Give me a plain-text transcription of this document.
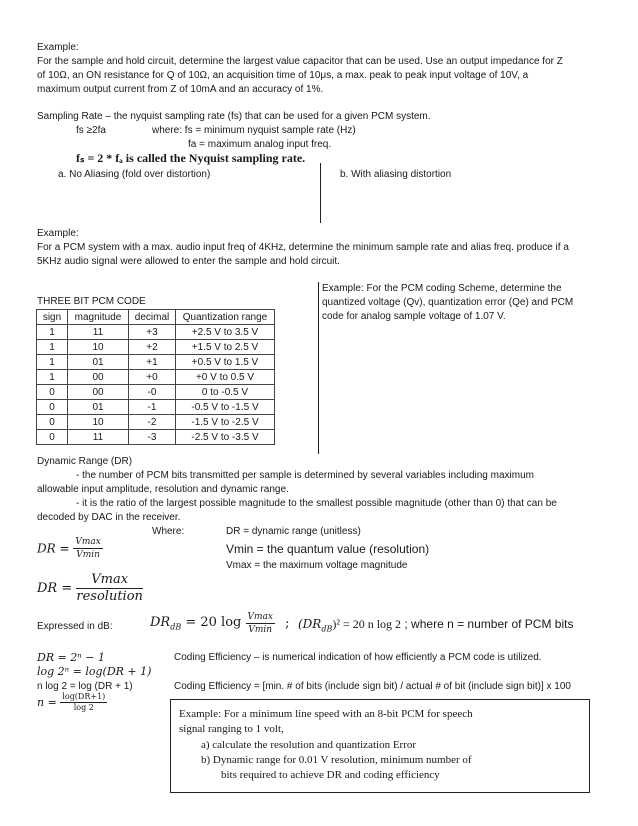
Example:
For the sample and hold circuit, determine the largest value capacitor that can be used. Use an output impedance for Z
of 10Ω, an ON resistance for Q of 10Ω, an acquisition time of 10μs, a max. peak to peak input voltage of 10V, a
maximum output current from Z of 10mA and an accuracy of 1%.
Sampling Rate – the nyquist sampling rate (fs) that can be used for a given PCM system.
fs ≥2fa	where: fs = minimum nyquist sample rate (Hz)
fa = maximum analog input freq.
fₛ = 2 * fₐ is called the Nyquist sampling rate.
a. No Aliasing (fold over distortion)	b. With aliasing distortion
Example:
For a PCM system with a max. audio input freq of 4KHz, determine the minimum sample rate and alias freq. produce if a
5KHz audio signal were allowed to enter the sample and hold circuit.
THREE BIT PCM CODE
sign	magnitude	decimal	Quantization range
1	11	+3	+2.5 V to 3.5 V
1	10	+2	+1.5 V to 2.5 V
1	01	+1	+0.5 V to 1.5 V
1	00	+0	+0 V to 0.5 V
0	00	-0	0 to -0.5 V
0	01	-1	-0.5 V to -1.5 V
0	10	-2	-1.5 V to -2.5 V
0	11	-3	-2.5 V to -3.5 V
Example: For the PCM coding Scheme, determine the
quantized voltage (Qv), quantization error (Qe) and PCM
code for analog sample voltage of 1.07 V.
Dynamic Range (DR)
- the number of PCM bits transmitted per sample is determined by several variables including maximum
allowable input amplitude, resolution and dynamic range.
- it is the ratio of the largest possible magnitude to the smallest possible magnitude (other than 0) that can be
decoded by DAC in the receiver.
Where:	DR = dynamic range (unitless)
Vmin = the quantum value (resolution)
Vmax = the maximum voltage magnitude
DR = $\frac{Vmax}{Vmin}$
DR = $\frac{Vmax}{\text{resolution}}$
Expressed in dB:	$DR_{dB} = 20$ $\log \frac{Vmax}{Vmin}$ ; $(DR_{dB})^2 = 20$ n log 2 ; where n = number of PCM bits
DR = 2ⁿ − 1
log 2ⁿ = log(DR + 1)
n log 2 = log (DR + 1)
$n = \frac{\log(DR+1)}{\log 2}$
Coding Efficiency – is numerical indication of how efficiently a PCM code is utilized.
Coding Efficiency = [min. # of bits (include sign bit) / actual # of bit (include sign bit)] x 100
Example: For a minimum line speed with an 8-bit PCM for speech
signal ranging to 1 volt,
a) calculate the resolution and quantization Error
b) Dynamic range for 0.01 V resolution, minimum number of
bits required to achieve DR and coding efficiency
